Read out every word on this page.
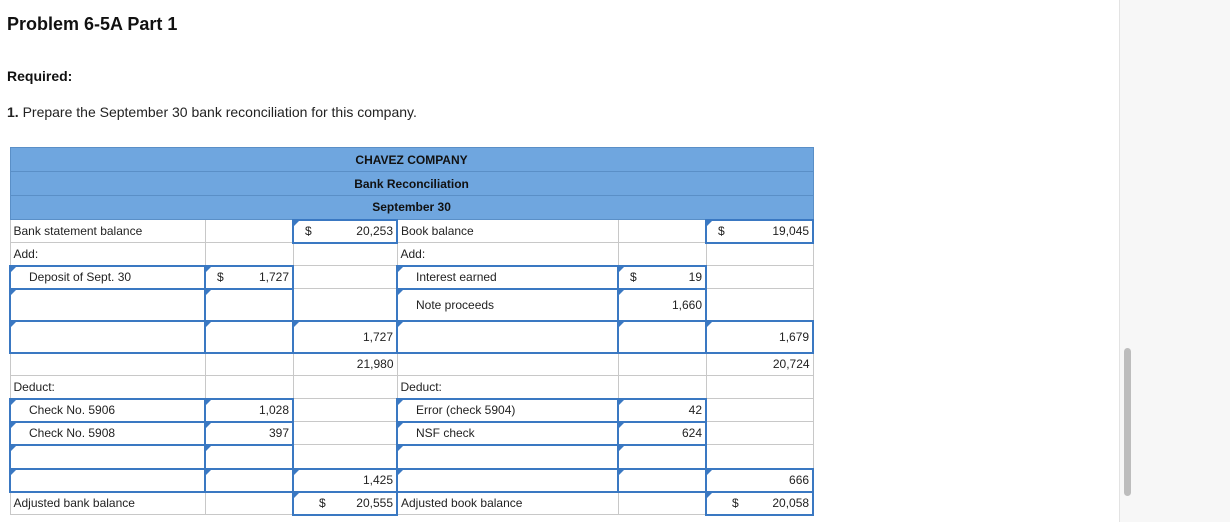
Problem 6-5A Part 1
Required:
1. Prepare the September 30 bank reconciliation for this company.
CHAVEZ COMPANY					
Bank Reconciliation					
September 30					
Bank statement balance		$ 20,253	Book balance		$ 19,045
Add:			Add:		
Deposit of Sept. 30	$ 1,727		Interest earned	$ 19	
			Note proceeds	1,660	
		1,727			1,679
		21,980			20,724
Deduct:			Deduct:		
Check No. 5906	1,028		Error (check 5904)	42	
Check No. 5908	397		NSF check	624	

		1,425			666
Adjusted bank balance		$ 20,555	Adjusted book balance		$ 20,058
